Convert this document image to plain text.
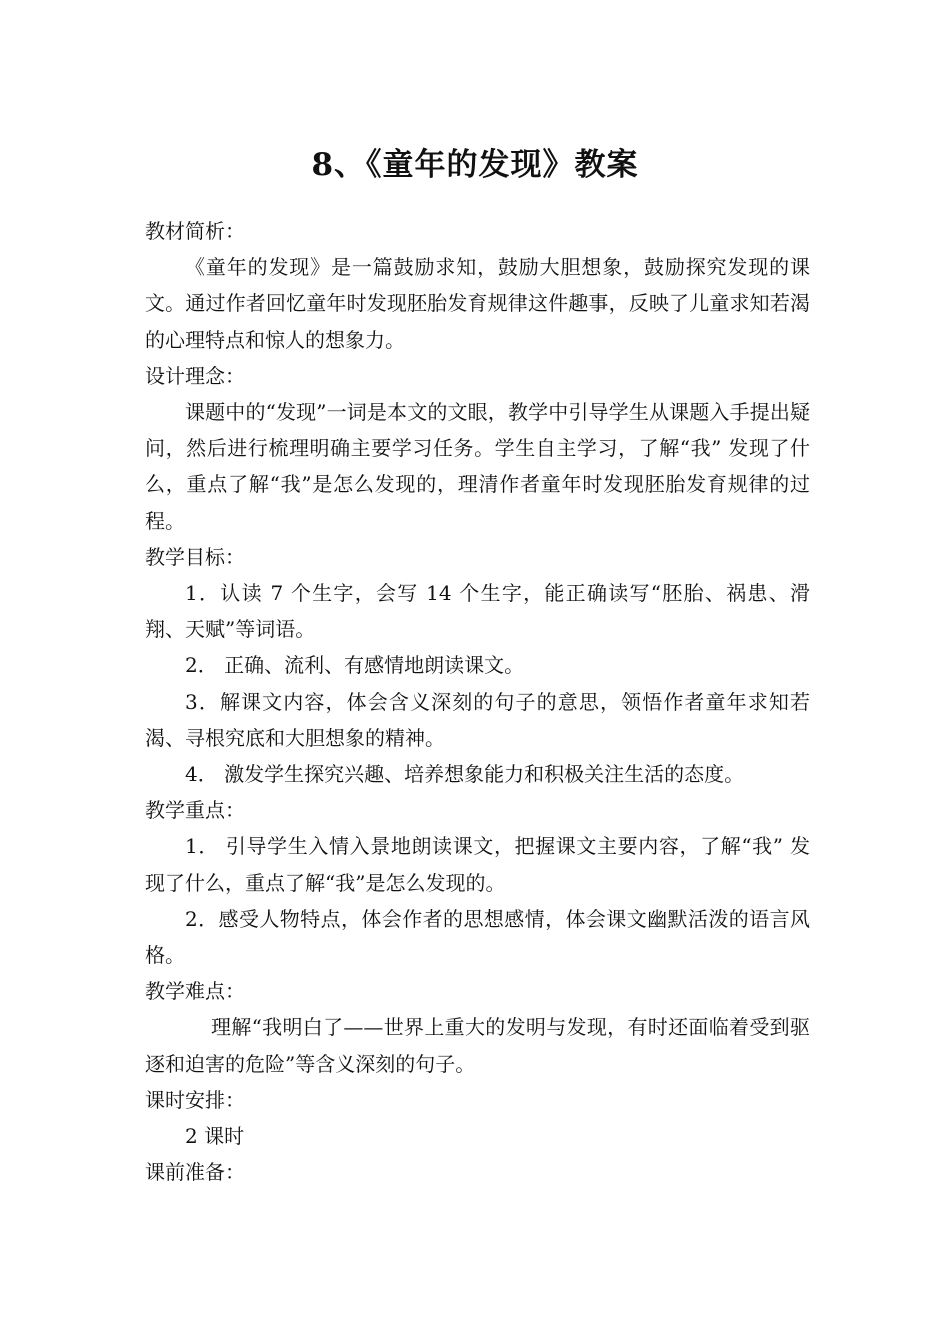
8、《童年的发现》教案

教材简析：

《童年的发现》是一篇鼓励求知，鼓励大胆想象，鼓励探究发现的课文。通过作者回忆童年时发现胚胎发育规律这件趣事，反映了儿童求知若渴的心理特点和惊人的想象力。

设计理念：

课题中的“发现”一词是本文的文眼，教学中引导学生从课题入手提出疑问，然后进行梳理明确主要学习任务。学生自主学习，了解“我” 发现了什么，重点了解“我”是怎么发现的，理清作者童年时发现胚胎发育规律的过程。

教学目标：

1．认读 7 个生字，会写 14 个生字，能正确读写“胚胎、祸患、滑翔、天赋”等词语。

2． 正确、流利、有感情地朗读课文。

3．解课文内容，体会含义深刻的句子的意思，领悟作者童年求知若渴、寻根究底和大胆想象的精神。

4． 激发学生探究兴趣、培养想象能力和积极关注生活的态度。

教学重点：

1． 引导学生入情入景地朗读课文，把握课文主要内容，了解“我” 发现了什么，重点了解“我”是怎么发现的。

2．感受人物特点，体会作者的思想感情，体会课文幽默活泼的语言风格。

教学难点：

理解“我明白了——世界上重大的发明与发现，有时还面临着受到驱逐和迫害的危险”等含义深刻的句子。

课时安排：

2 课时

课前准备：
